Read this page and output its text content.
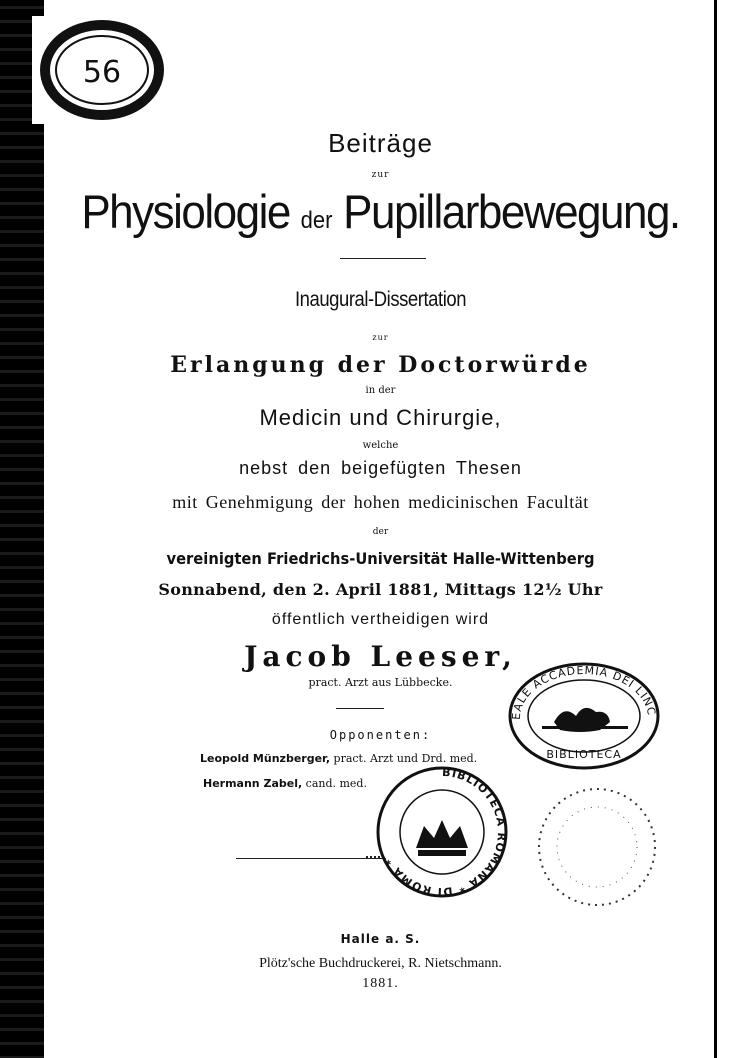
56
Beiträge
zur
Physiologie der Pupillarbewegung.
Inaugural-Dissertation
zur
Erlangung der Doctorwürde
in der
Medicin und Chirurgie,
welche
nebst den beigefügten Thesen
mit Genehmigung der hohen medicinischen Facultät
der
vereinigten Friedrichs-Universität Halle-Wittenberg
Sonnabend, den 2. April 1881, Mittags 12½ Uhr
öffentlich vertheidigen wird
Jacob Leeser,
pract. Arzt aus Lübbecke.
Opponenten:
Leopold Münzberger, pract. Arzt und Drd. med.
Hermann Zabel, cand. med.
EALE ACCADEMIA DEI LINC
BIBLIOTECA
BIBLIOTECA ROMANA * DI ROMA *
Halle a. S.
Plötz'sche Buchdruckerei, R. Nietschmann.
1881.
